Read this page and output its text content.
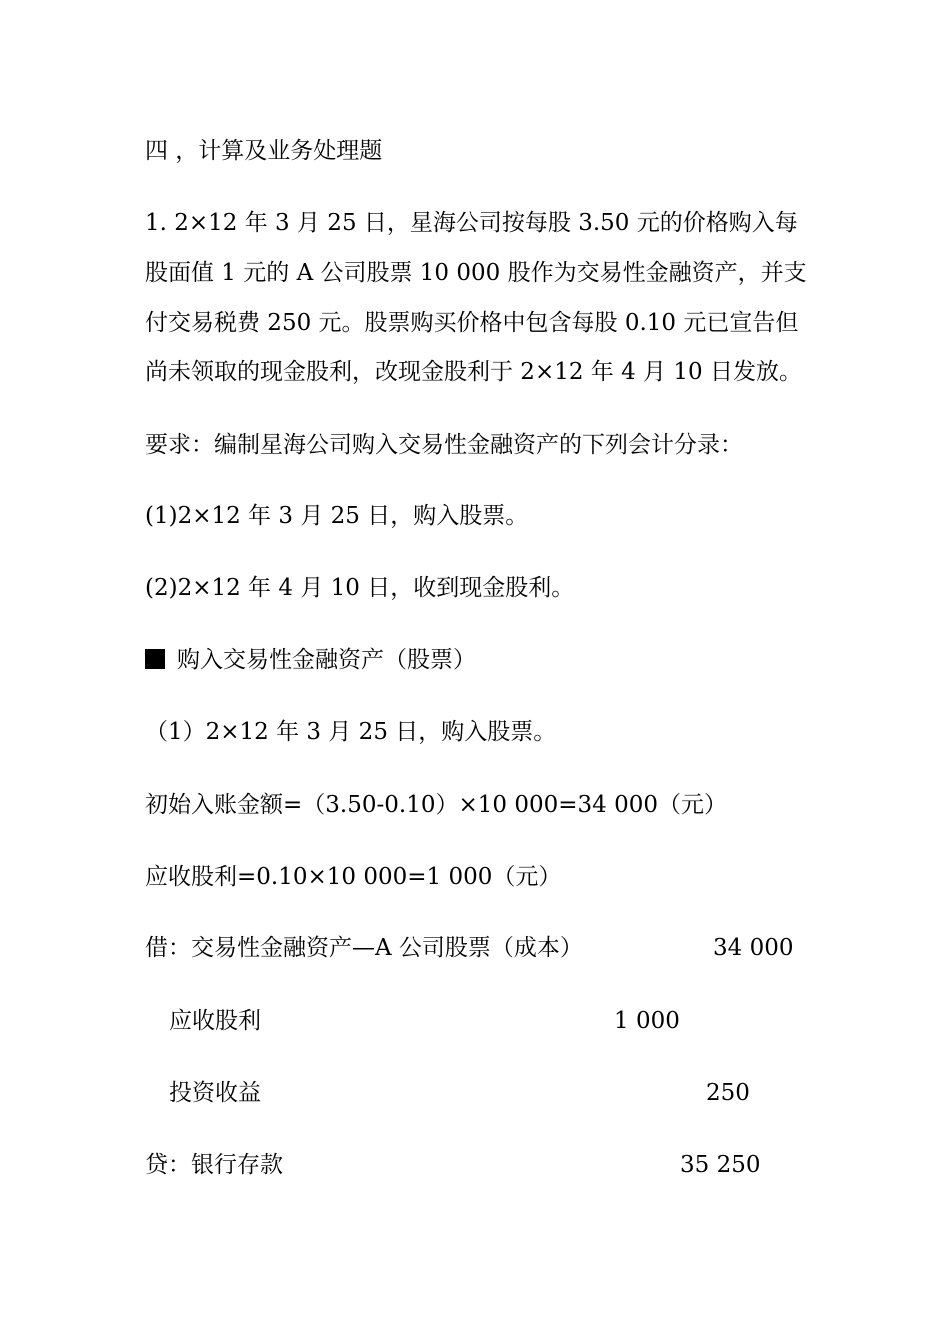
四 ，计算及业务处理题
1. 2×12 年 3 月 25 日，星海公司按每股 3.50 元的价格购入每
股面值 1 元的 A 公司股票 10 000 股作为交易性金融资产，并支
付交易税费 250 元。股票购买价格中包含每股 0.10 元已宣告但
尚未领取的现金股利，改现金股利于 2×12 年 4 月 10 日发放。
要求：编制星海公司购入交易性金融资产的下列会计分录：
(1)2×12 年 3 月 25 日，购入股票。
(2)2×12 年 4 月 10 日，收到现金股利。
购入交易性金融资产（股票）
（1）2×12 年 3 月 25 日，购入股票。
初始入账金额=（3.50-0.10）×10 000=34 000（元）
应收股利=0.10×10 000=1 000（元）
借：交易性金融资产—A 公司股票（成本）	34 000
应收股利	1 000
投资收益	250
贷：银行存款	35 250
